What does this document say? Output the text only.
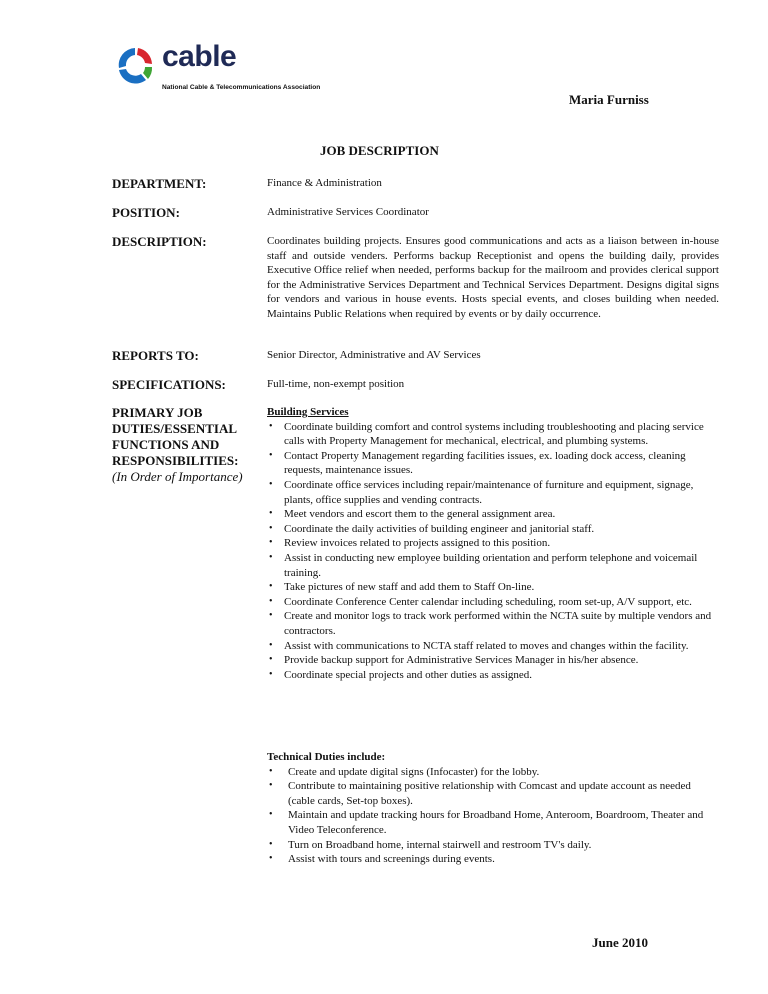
cable
National Cable & Telecommunications Association
Maria Furniss
JOB DESCRIPTION
DEPARTMENT:	Finance & Administration
POSITION:	Administrative Services Coordinator
DESCRIPTION:	Coordinates building projects. Ensures good communications and acts as a liaison between in-house staff and outside venders. Performs backup Receptionist and opens the building daily, provides Executive Office relief when needed, performs backup for the mailroom and provides clerical support for the Administrative Services Department and Technical Services Department. Designs digital signs for vendors and various in house events. Hosts special events, and closes building when needed. Maintains Public Relations when required by events or by daily occurrence.
REPORTS TO:	Senior Director, Administrative and AV Services
SPECIFICATIONS:	Full-time, non-exempt position
PRIMARY JOB
DUTIES/ESSENTIAL
FUNCTIONS AND
RESPONSIBILITIES:
(In Order of Importance)
Building Services
• Coordinate building comfort and control systems including troubleshooting and placing service calls with Property Management for mechanical, electrical, and plumbing systems.
• Contact Property Management regarding facilities issues, ex. loading dock access, cleaning requests, maintenance issues.
• Coordinate office services including repair/maintenance of furniture and equipment, signage, plants, office supplies and vending contracts.
• Meet vendors and escort them to the general assignment area.
• Coordinate the daily activities of building engineer and janitorial staff.
• Review invoices related to projects assigned to this position.
• Assist in conducting new employee building orientation and perform telephone and voicemail training.
• Take pictures of new staff and add them to Staff On-line.
• Coordinate Conference Center calendar including scheduling, room set-up, A/V support, etc.
• Create and monitor logs to track work performed within the NCTA suite by multiple vendors and contractors.
• Assist with communications to NCTA staff related to moves and changes within the facility.
• Provide backup support for Administrative Services Manager in his/her absence.
• Coordinate special projects and other duties as assigned.
Technical Duties include:
• Create and update digital signs (Infocaster) for the lobby.
• Contribute to maintaining positive relationship with Comcast and update account as needed (cable cards, Set-top boxes).
• Maintain and update tracking hours for Broadband Home, Anteroom, Boardroom, Theater and Video Teleconference.
• Turn on Broadband home, internal stairwell and restroom TV's daily.
• Assist with tours and screenings during events.
June 2010
